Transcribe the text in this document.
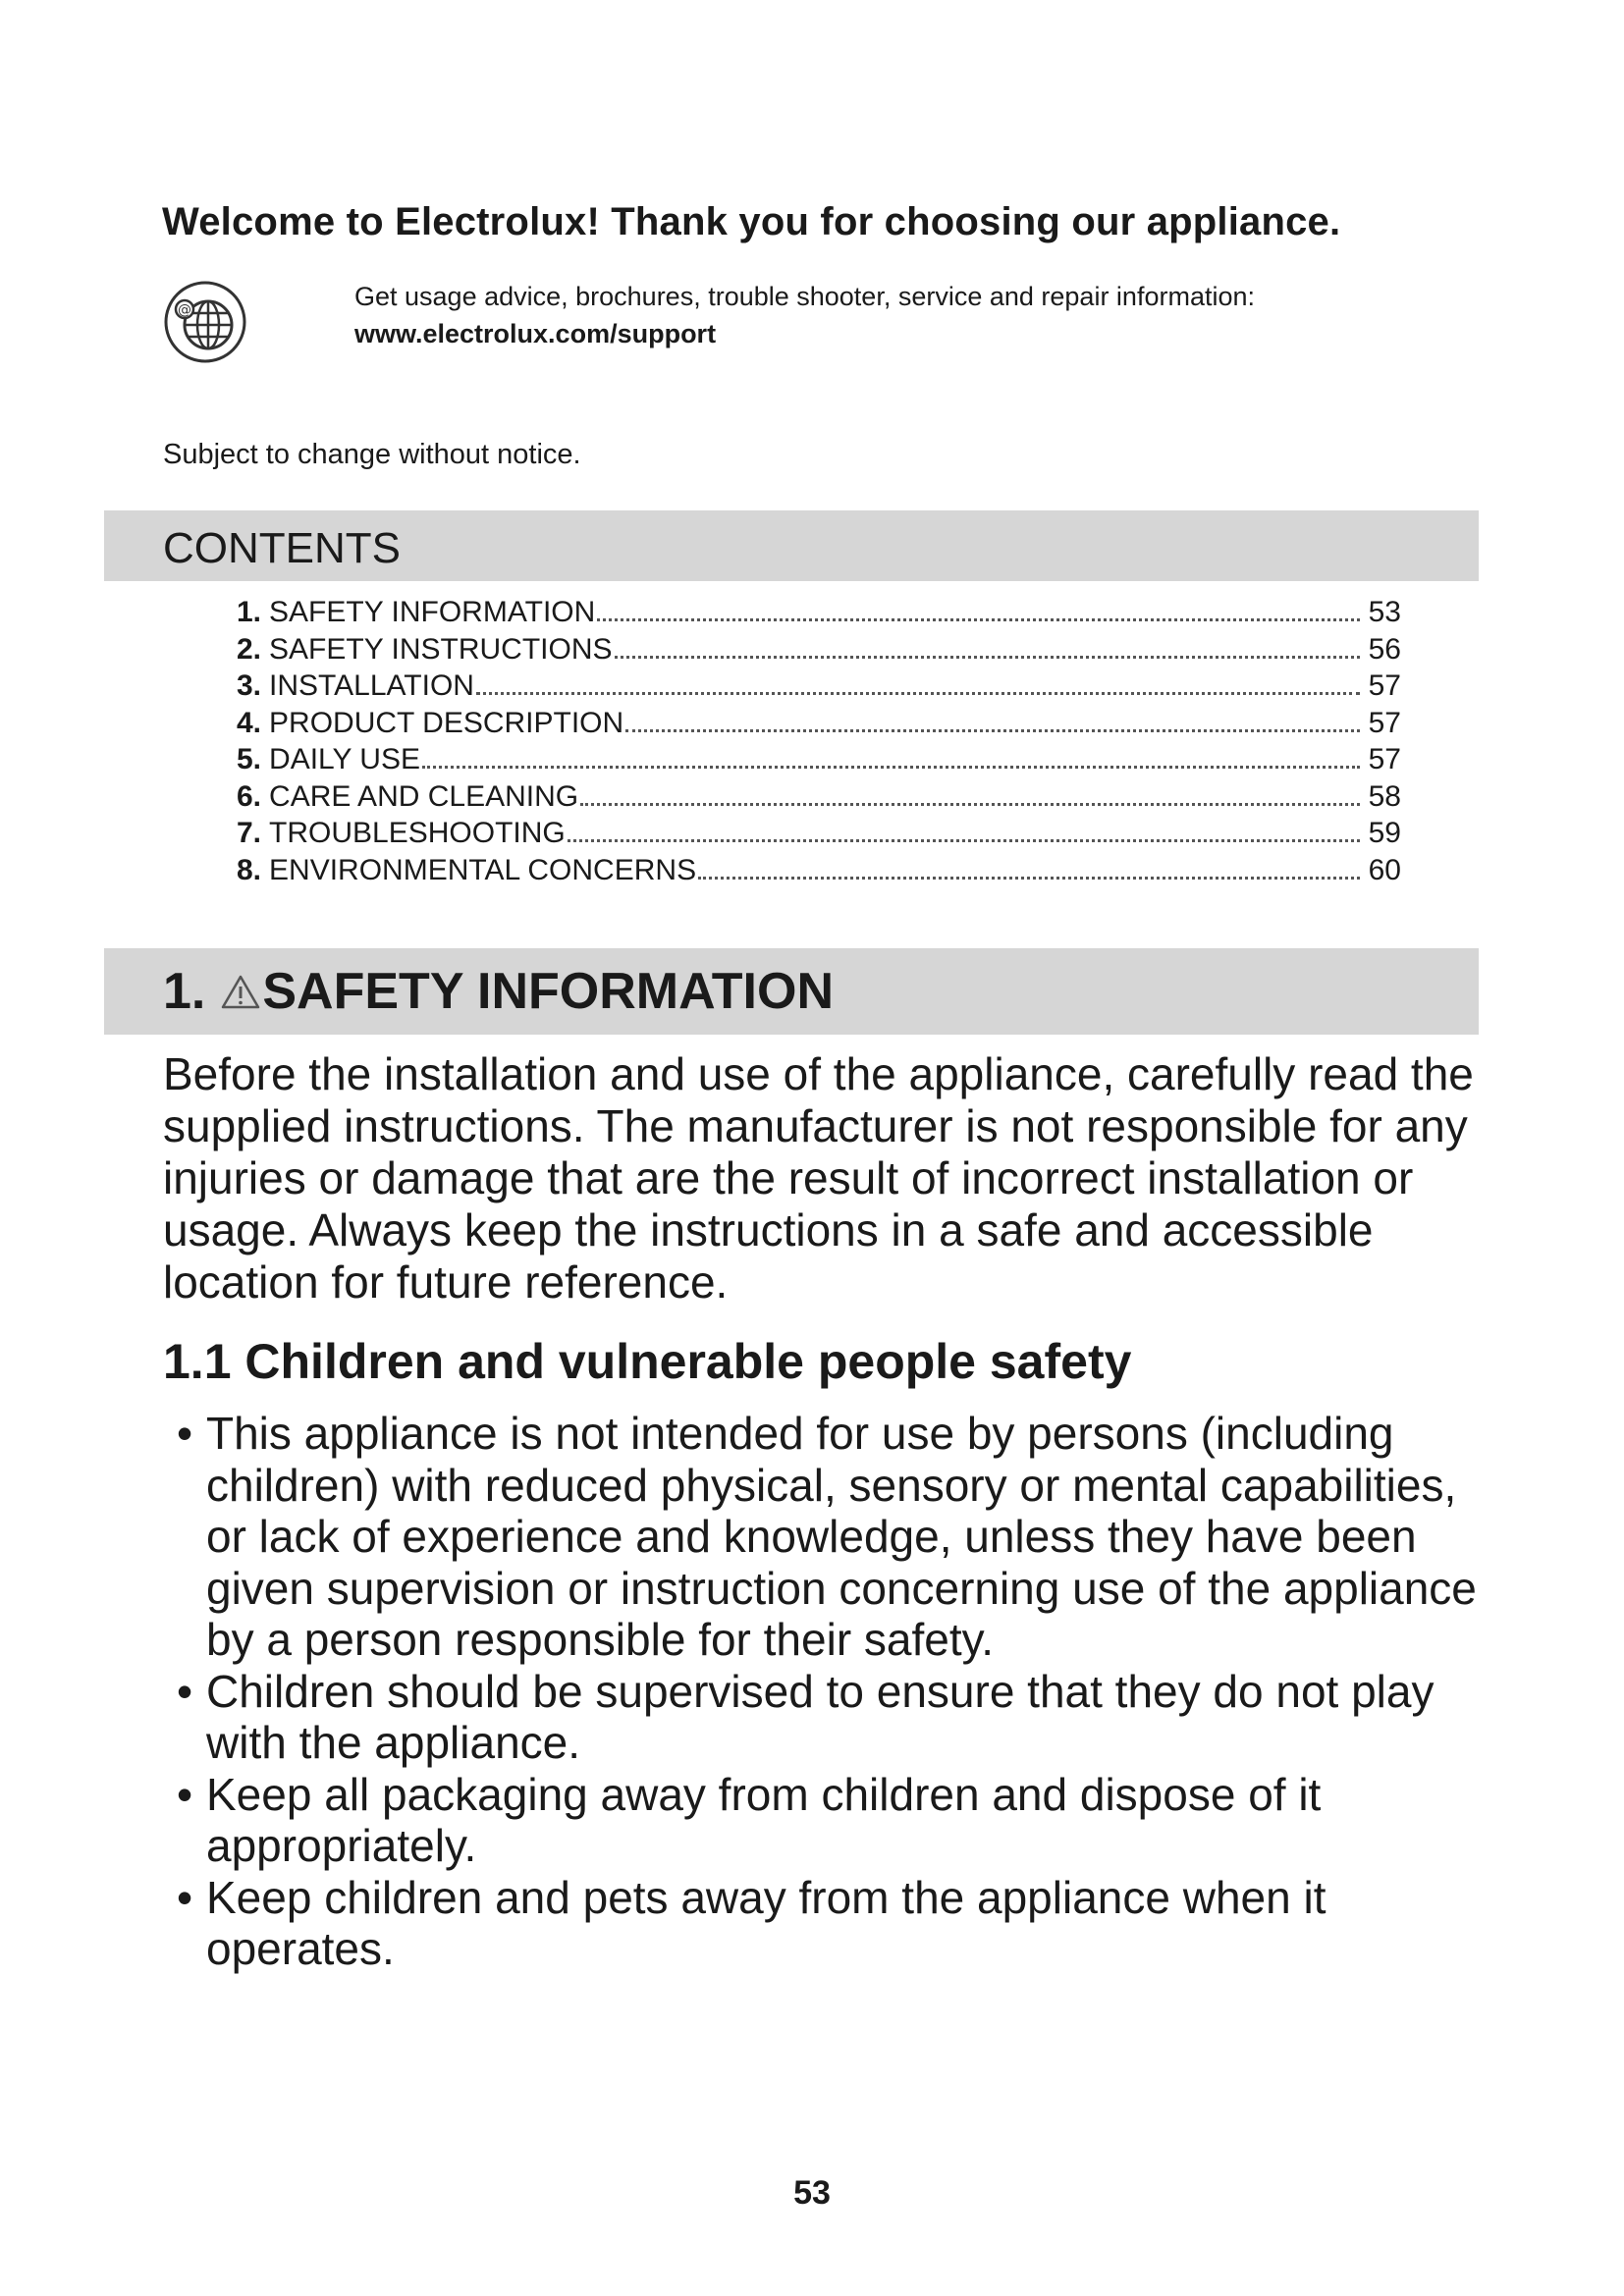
Welcome to Electrolux! Thank you for choosing our appliance.
@	Get usage advice, brochures, trouble shooter, service and repair information:
www.electrolux.com/support
Subject to change without notice.
CONTENTS
1. SAFETY INFORMATION	53
2. SAFETY INSTRUCTIONS	56
3. INSTALLATION	57
4. PRODUCT DESCRIPTION	57
5. DAILY USE	57
6. CARE AND CLEANING	58
7. TROUBLESHOOTING	59
8. ENVIRONMENTAL CONCERNS	60
1. SAFETY INFORMATION

Before the installation and use of the appliance, carefully read the supplied instructions. The manufacturer is not responsible for any injuries or damage that are the result of incorrect installation or usage. Always keep the instructions in a safe and accessible location for future reference.

1.1 Children and vulnerable people safety
• This appliance is not intended for use by persons (including children) with reduced physical, sensory or mental capabilities, or lack of experience and knowledge, unless they have been given supervision or instruction concerning use of the appliance by a person responsible for their safety.
• Children should be supervised to ensure that they do not play with the appliance.
• Keep all packaging away from children and dispose of it appropriately.
• Keep children and pets away from the appliance when it operates.
53
